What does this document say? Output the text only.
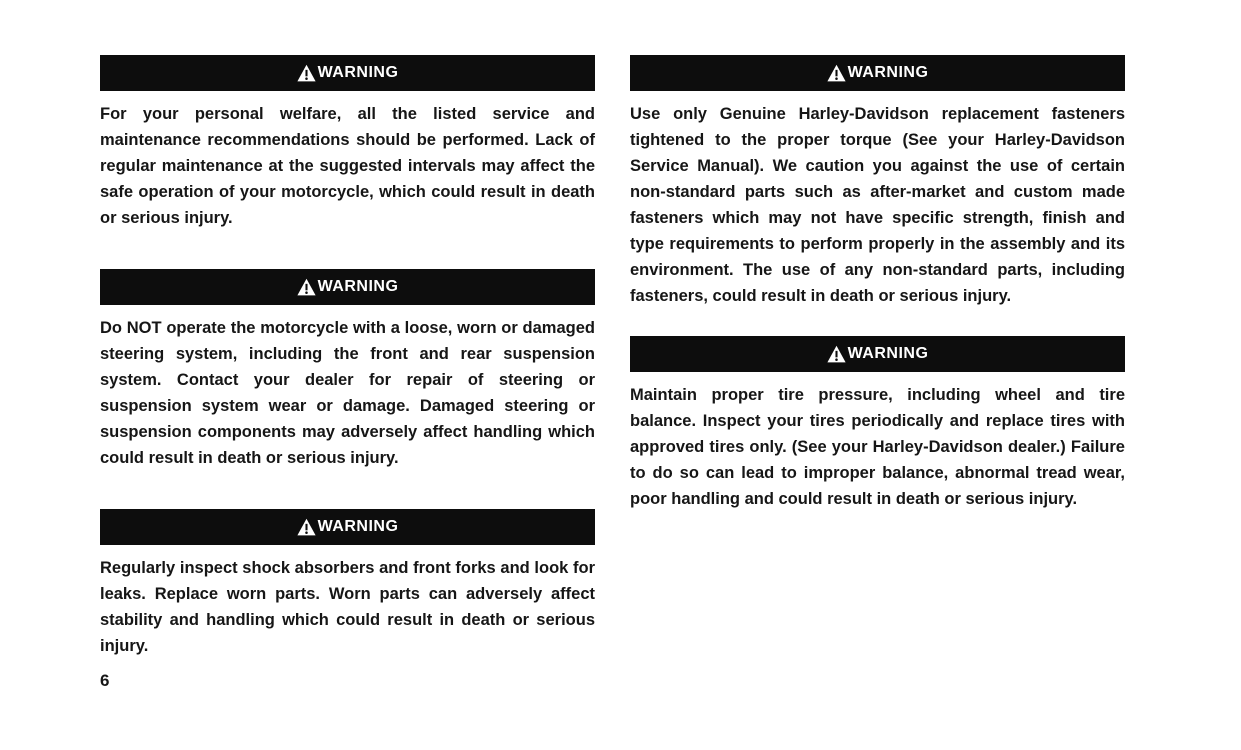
WARNING

For your personal welfare, all the listed service and maintenance recommendations should be performed. Lack of regular maintenance at the suggested intervals may affect the safe operation of your motorcycle, which could result in death or serious injury.

WARNING

Do NOT operate the motorcycle with a loose, worn or damaged steering system, including the front and rear suspension system. Contact your dealer for repair of steering or suspension system wear or damage. Damaged steering or suspension components may adversely affect handling which could result in death or serious injury.

WARNING

Regularly inspect shock absorbers and front forks and look for leaks. Replace worn parts. Worn parts can adversely affect stability and handling which could result in death or serious injury.

6
WARNING

Use only Genuine Harley-Davidson replacement fasteners tightened to the proper torque (See your Harley-Davidson Service Manual). We caution you against the use of certain non-standard parts such as after-market and custom made fasteners which may not have specific strength, finish and type requirements to perform properly in the assembly and its environment. The use of any non-standard parts, including fasteners, could result in death or serious injury.

WARNING

Maintain proper tire pressure, including wheel and tire balance. Inspect your tires periodically and replace tires with approved tires only. (See your Harley-Davidson dealer.) Failure to do so can lead to improper balance, abnormal tread wear, poor handling and could result in death or serious injury.
